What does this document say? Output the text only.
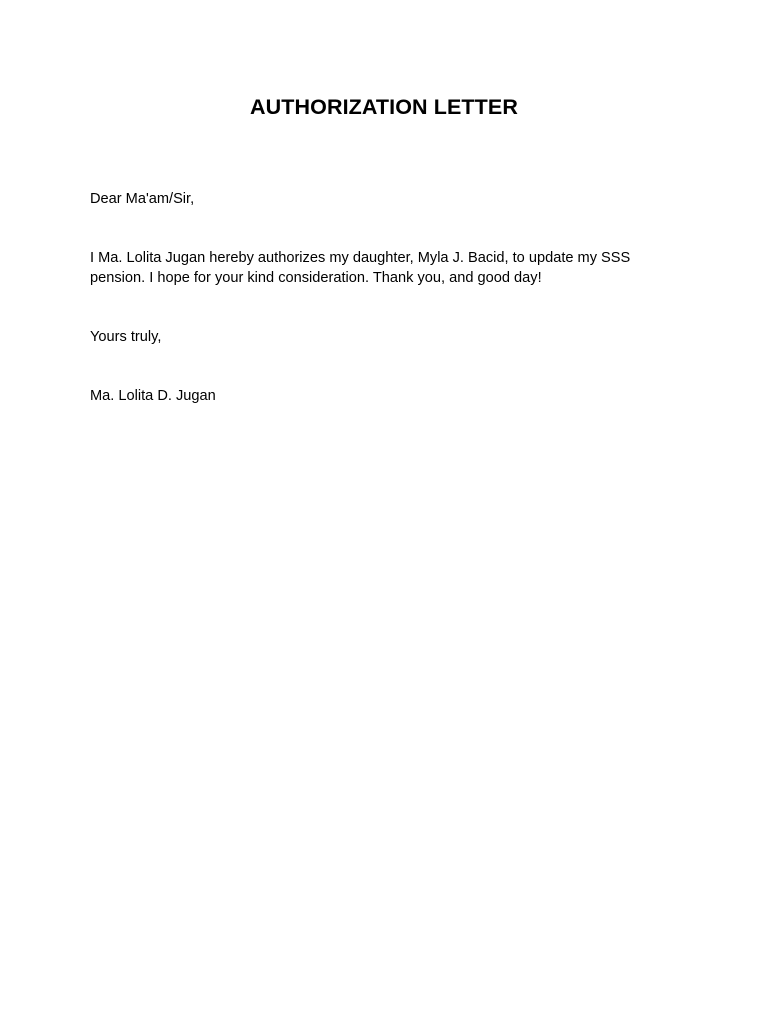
AUTHORIZATION LETTER

Dear Ma'am/Sir,

I Ma. Lolita Jugan hereby authorizes my daughter, Myla J. Bacid, to update my SSS pension. I hope for your kind consideration. Thank you, and good day!

Yours truly,

Ma. Lolita D. Jugan
